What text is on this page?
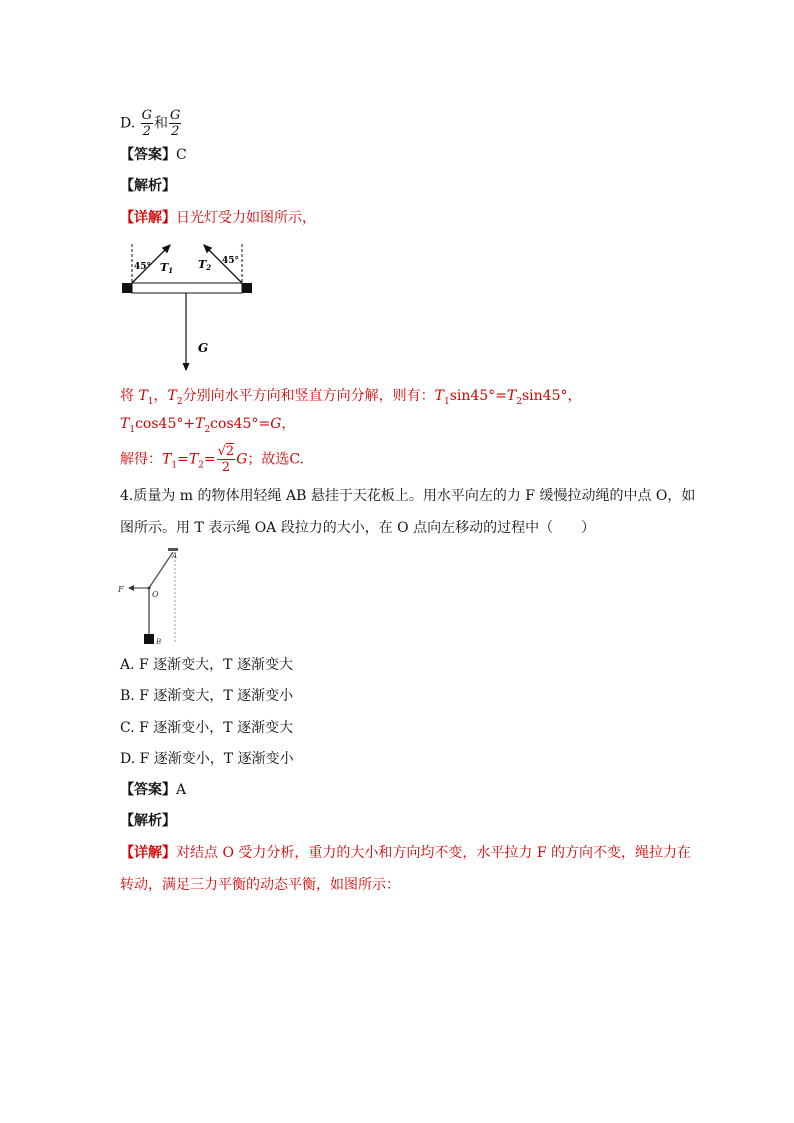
D. $\frac{G}{2}$ 和 $\frac{G}{2}$
【答案】C
【解析】
【详解】日光灯受力如图所示，
45°
45°
T1 T2
G
将 $T_1$，$T_2$分别向水平方向和竖直方向分解，则有：$T_1\sin 45^\circ=T_2\sin 45^\circ$，
$T_1\cos 45^\circ+T_2\cos 45^\circ=G$，
解得：$T_1=T_2= \frac{√2}{2}$ G；故选C.
4.质量为 m 的物体用轻绳 AB 悬挂于天花板上。用水平向左的力 F 缓慢拉动绳的中点 O，如
图所示。用 T 表示绳 OA 段拉力的大小，在 O 点向左移动的过程中（　　）
A
O
F
B
A. F 逐渐变大，T 逐渐变大
B. F 逐渐变大，T 逐渐变小
C. F 逐渐变小，T 逐渐变大
D. F 逐渐变小，T 逐渐变小
【答案】A
【解析】
【详解】对结点 O 受力分析，重力的大小和方向均不变，水平拉力 F 的方向不变，绳拉力在
转动，满足三力平衡的动态平衡，如图所示：
